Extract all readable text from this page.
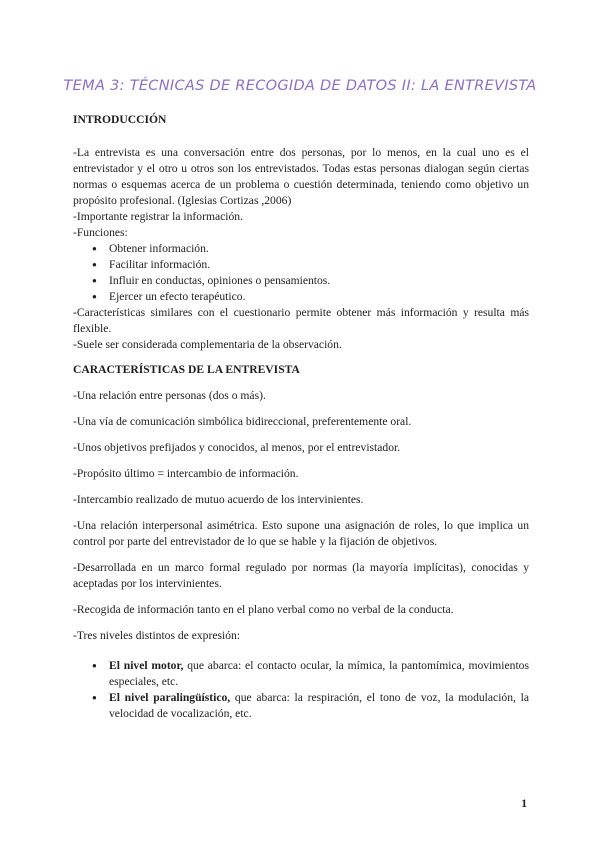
TEMA 3: TÉCNICAS DE RECOGIDA DE DATOS II: LA ENTREVISTA

INTRODUCCIÓN

-La entrevista es una conversación entre dos personas, por lo menos, en la cual uno es el entrevistador y el otro u otros son los entrevistados. Todas estas personas dialogan según ciertas normas o esquemas acerca de un problema o cuestión determinada, teniendo como objetivo un propósito profesional. (Iglesias Cortizas ,2006)

-Importante registrar la información.

-Funciones:

● Obtener información.
● Facilitar información.
● Influir en conductas, opiniones o pensamientos.
● Ejercer un efecto terapéutico.

-Características similares con el cuestionario permite obtener más información y resulta más flexible.

-Suele ser considerada complementaria de la observación.

CARACTERÍSTICAS DE LA ENTREVISTA

-Una relación entre personas (dos o más).

-Una vía de comunicación simbólica bidireccional, preferentemente oral.

-Unos objetivos prefijados y conocidos, al menos, por el entrevistador.

-Propósito último = intercambio de información.

-Intercambio realizado de mutuo acuerdo de los intervinientes.

-Una relación interpersonal asimétrica. Esto supone una asignación de roles, lo que implica un control por parte del entrevistador de lo que se hable y la fijación de objetivos.

-Desarrollada en un marco formal regulado por normas (la mayoría implícitas), conocidas y aceptadas por los intervinientes.

-Recogida de información tanto en el plano verbal como no verbal de la conducta.

-Tres niveles distintos de expresión:

● El nivel motor, que abarca: el contacto ocular, la mímica, la pantomímica, movimientos especiales, etc.
● El nivel paralingüístico, que abarca: la respiración, el tono de voz, la modulación, la velocidad de vocalización, etc.
1
